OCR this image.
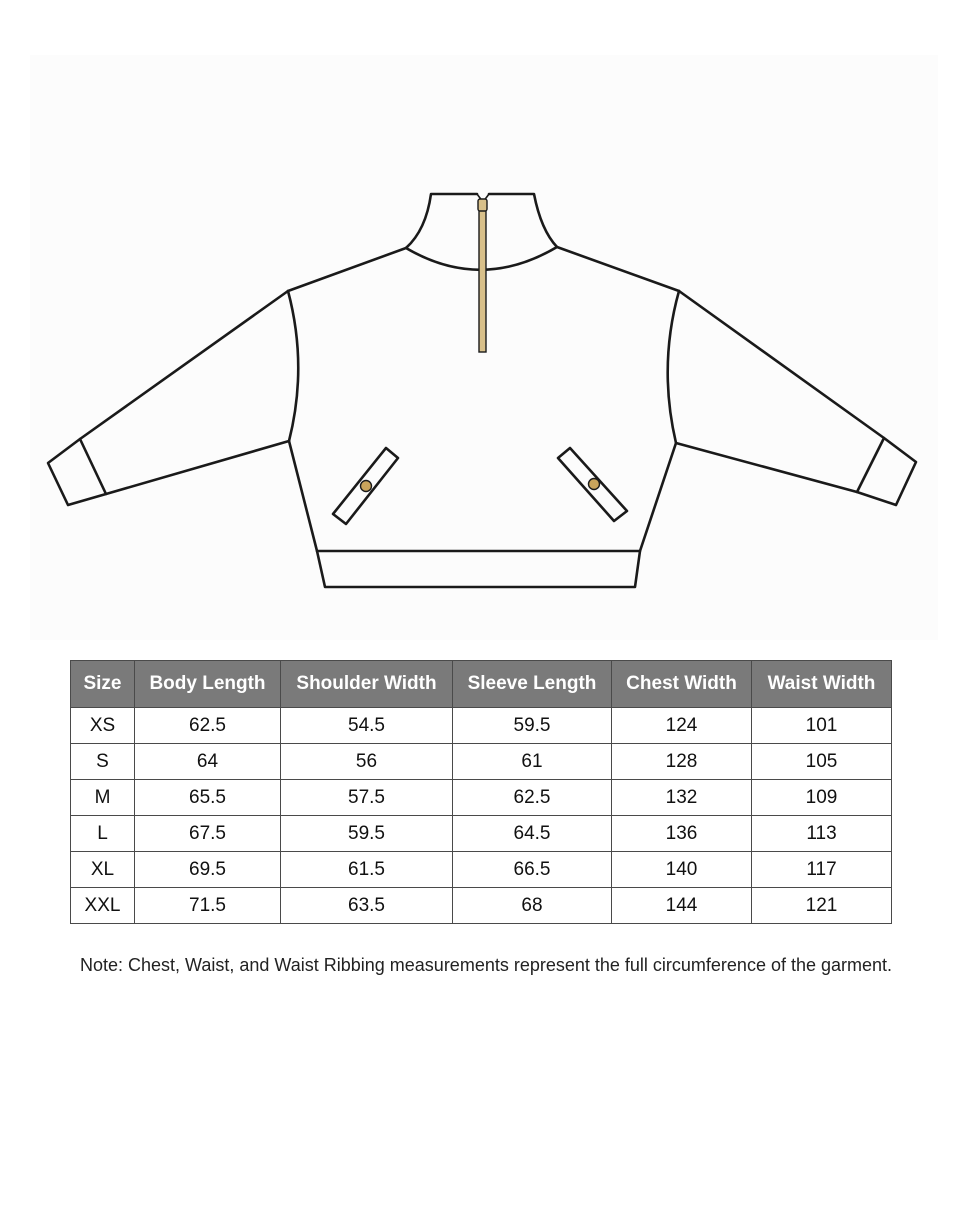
Size	Body Length	Shoulder Width	Sleeve Length	Chest Width	Waist Width
XS	62.5	54.5	59.5	124	101
S	64	56	61	128	105
M	65.5	57.5	62.5	132	109
L	67.5	59.5	64.5	136	113
XL	69.5	61.5	66.5	140	117
XXL	71.5	63.5	68	144	121
Note: Chest, Waist, and Waist Ribbing measurements represent the full circumference of the garment.
